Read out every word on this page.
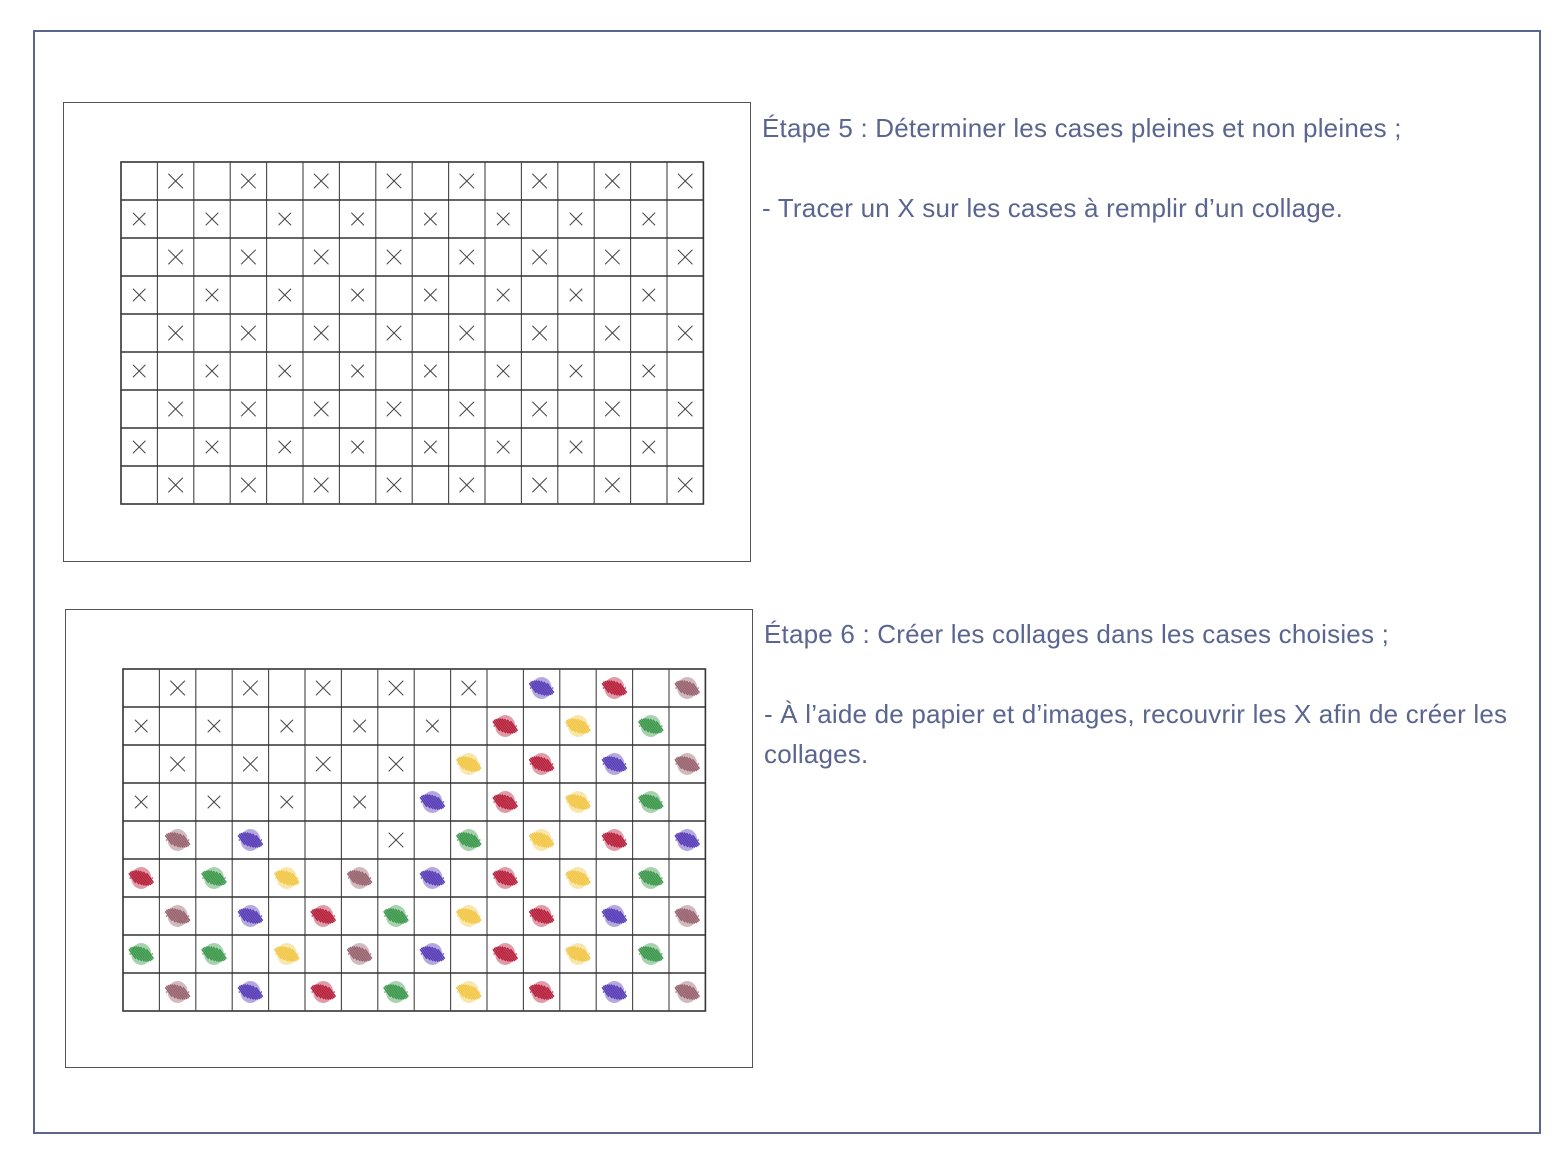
Étape 5 : Déterminer les cases pleines et non pleines ;

- Tracer un X sur les cases à remplir d’un collage.

Étape 6 : Créer les collages dans les cases choisies ;

- À l’aide de papier et d’images, recouvrir les X afin de créer les collages.
